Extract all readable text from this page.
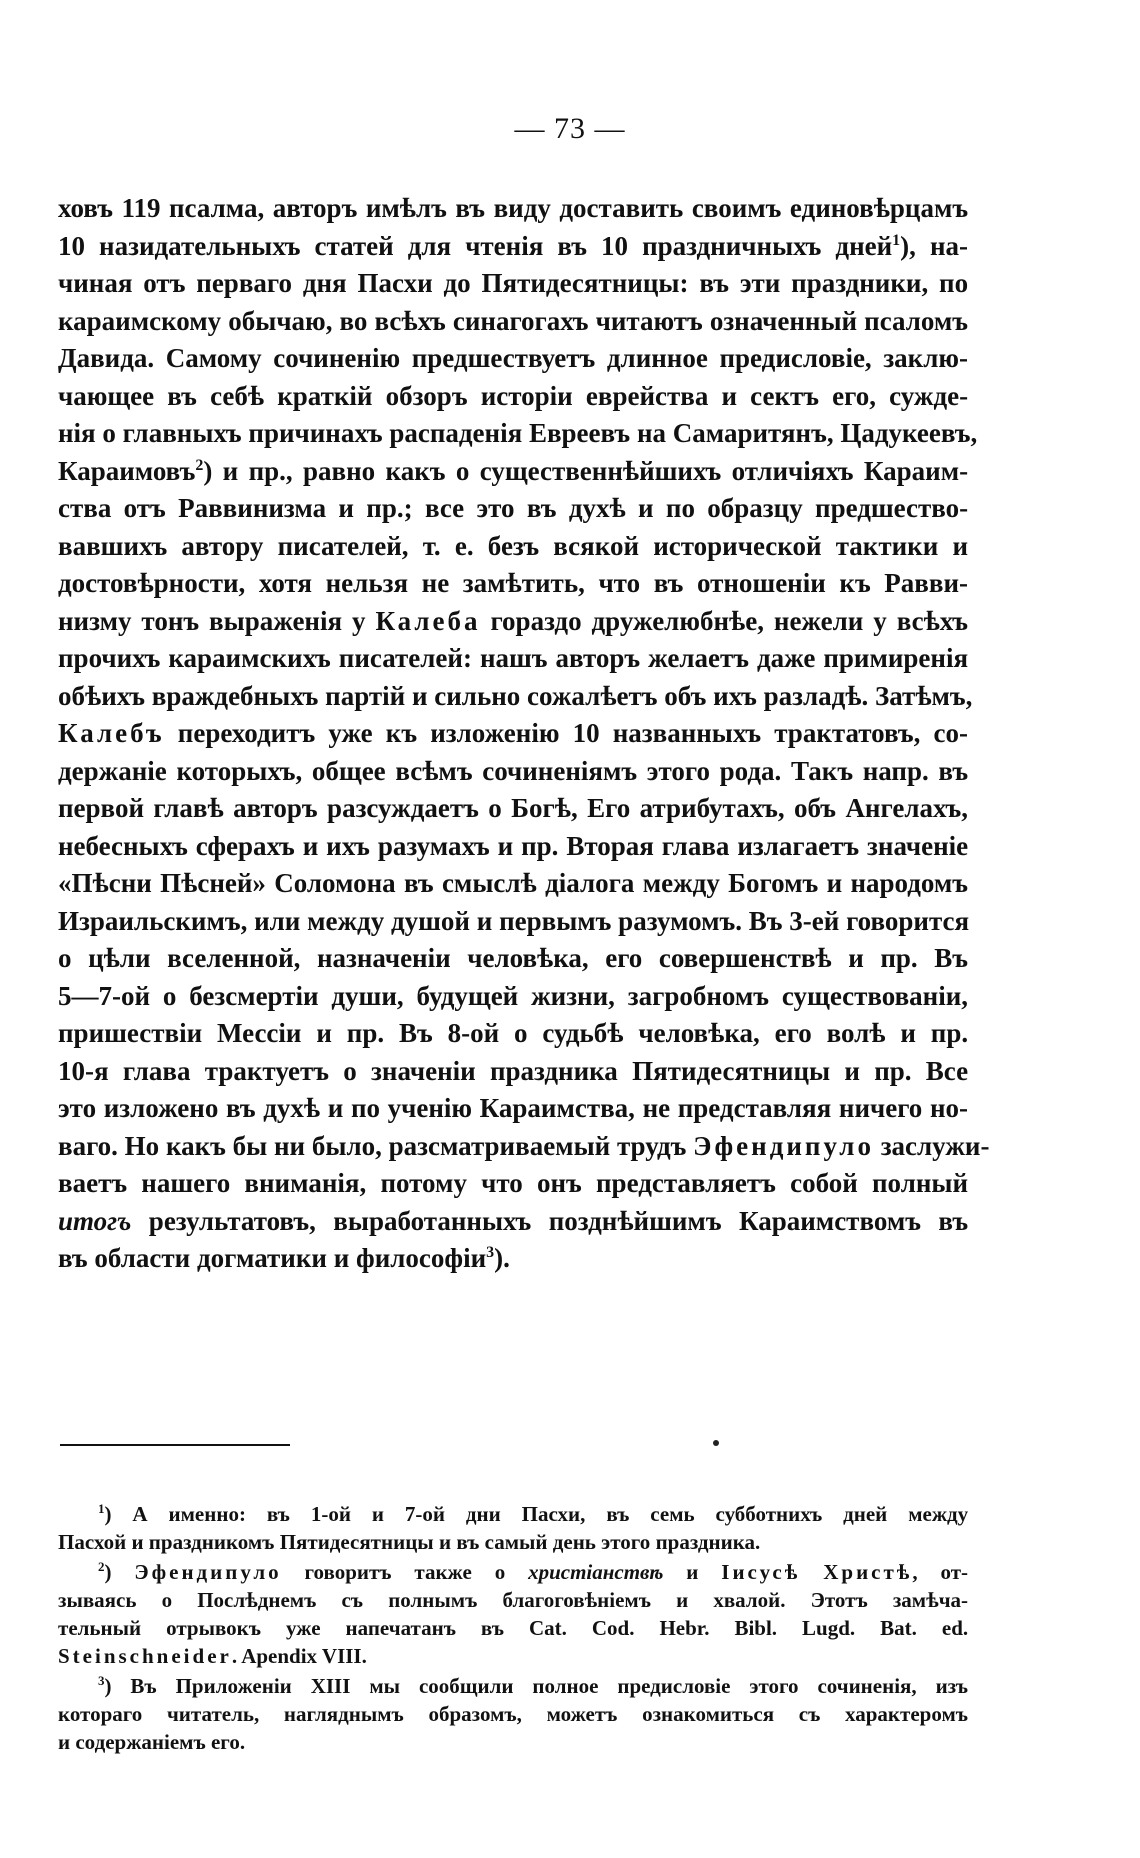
— 73 —
ховъ 119 псалма, авторъ имѣлъ въ виду доставить своимъ единовѣрцамъ
10 назидательныхъ статей для чтенія въ 10 праздничныхъ дней$^1$), на-
чиная отъ перваго дня Пасхи до Пятидесятницы: въ эти праздники, по
караимскому обычаю, во всѣхъ синагогахъ читаютъ означенный псаломъ
Давида. Самому сочиненію предшествуетъ длинное предисловіе, заклю-
чающее въ себѣ краткій обзоръ исторіи еврейства и сектъ его, сужде-
нія о главныхъ причинахъ распаденія Евреевъ на Самаритянъ, Цадукеевъ,
Караимовъ$^2$) и пр., равно какъ о существеннѣйшихъ отличіяхъ Караим-
ства отъ Раввинизма и пр.; все это въ духѣ и по образцу предшество-
вавшихъ автору писателей, т. е. безъ всякой исторической тактики и
достовѣрности, хотя нельзя не замѣтить, что въ отношеніи къ Равви-
низму тонъ выраженія у Калеба гораздо дружелюбнѣе, нежели у всѣхъ
прочихъ караимскихъ писателей: нашъ авторъ желаетъ даже примиренія
обѣихъ враждебныхъ партій и сильно сожалѣетъ объ ихъ разладѣ. Затѣмъ,
Калебъ переходитъ уже къ изложенію 10 названныхъ трактатовъ, со-
держаніе которыхъ, общее всѣмъ сочиненіямъ этого рода. Такъ напр. въ
первой главѣ авторъ разсуждаетъ о Богѣ, Его атрибутахъ, объ Ангелахъ,
небесныхъ сферахъ и ихъ разумахъ и пр. Вторая глава излагаетъ значеніе
«Пѣсни Пѣсней» Соломона въ смыслѣ діалога между Богомъ и народомъ
Израильскимъ, или между душой и первымъ разумомъ. Въ 3-ей говорится
о цѣли вселенной, назначеніи человѣка, его совершенствѣ и пр. Въ
5—7-ой о безсмертіи души, будущей жизни, загробномъ существованіи,
пришествіи Мессіи и пр. Въ 8-ой о судьбѣ человѣка, его волѣ и пр.
10-я глава трактуетъ о значеніи праздника Пятидесятницы и пр. Все
это изложено въ духѣ и по ученію Караимства, не представляя ничего но-
ваго. Но какъ бы ни было, разсматриваемый трудъ Эфендипуло заслужи-
ваетъ нашего вниманія, потому что онъ представляетъ собой полный
итогъ результатовъ, выработанныхъ позднѣйшимъ Караимствомъ въ
въ области догматики и философіи$^3$).
$^1$) А именно: въ 1-ой и 7-ой дни Пасхи, въ семь субботнихъ дней между
Пасхой и праздникомъ Пятидесятницы и въ самый день этого праздника.
$^2$) Эфендипуло говоритъ также о христіанствѣ и Іисусѣ Христѣ, от-
зываясь о Послѣднемъ съ полнымъ благоговѣніемъ и хвалой. Этотъ замѣча-
тельный отрывокъ уже напечатанъ въ Cat. Cod. Hebr. Bibl. Lugd. Bat. ed.
Steinschneider. Apendix VIII.
$^3$) Въ Приложеніи XIII мы сообщили полное предисловіе этого сочиненія, изъ
котораго читатель, нагляднымъ образомъ, можетъ ознакомиться съ характеромъ
и содержаніемъ его.
